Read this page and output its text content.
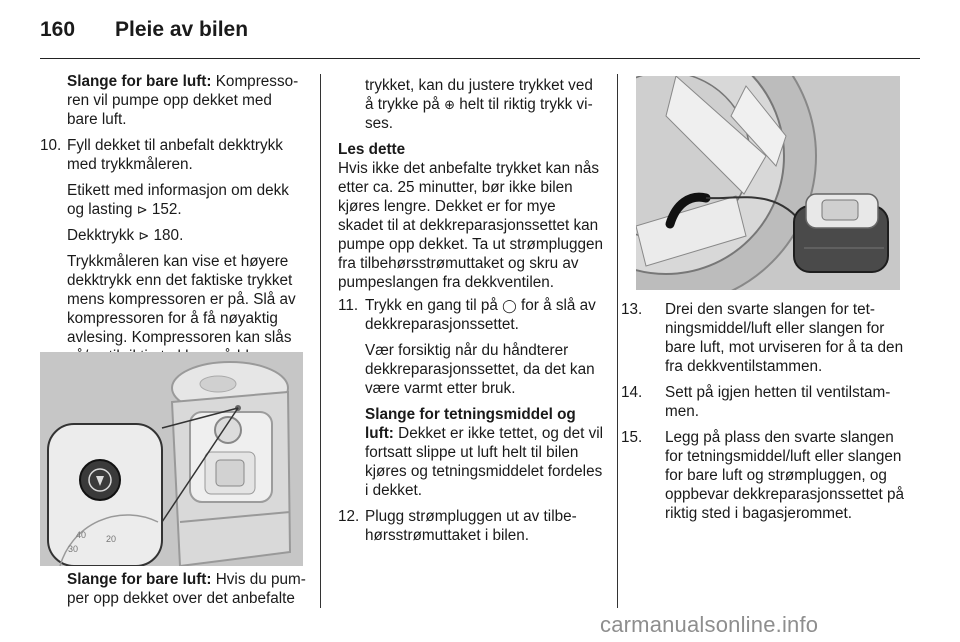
160 Pleie av bilen

Slange for bare luft: Kompressoren vil pumpe opp dekket med bare luft.

10. Fyll dekket til anbefalt dekktrykk med trykkmåleren.

Etikett med informasjon om dekk og lasting ⊳ 152.

Dekktrykk ⊳ 180.

Trykkmåleren kan vise et høyere dekktrykk enn det faktiske trykket mens kompressoren er på. Slå av kompressoren for å få nøyaktig avlesing. Kompressoren kan slås

40
30
20
Slange for bare luft: Hvis du pumper opp dekket over det anbefalte

trykket, kan du justere trykket ved å trykke på ⊕ helt til riktig trykk vises.

Les dette
Hvis ikke det anbefalte trykket kan nås etter ca. 25 minutter, bør ikke bilen kjøres lengre. Dekket er for mye skadet til at dekkreparasjonssettet kan pumpe opp dekket. Ta ut strømpluggen fra tilbehørsstrømuttaket og skru av pumpeslangen fra dekkventilen.

11. Trykk en gang til på ◯ for å slå av dekkreparasjonssettet.

Vær forsiktig når du håndterer dekkreparasjonssettet, da det kan være varmt etter bruk.

Slange for tetningsmiddel og luft: Dekket er ikke tettet, og det vil fortsatt slippe ut luft helt til bilen kjøres og tetningsmiddelet fordeles i dekket.

12. Plugg strømpluggen ut av tilbehørsstrømuttaket i bilen.

13. Drei den svarte slangen for tetningsmiddel/luft eller slangen for bare luft, mot urviseren for å ta den fra dekkventilstammen.

14. Sett på igjen hetten til ventilstammen.

15. Legg på plass den svarte slangen for tetningsmiddel/luft eller slangen for bare luft og strømpluggen, og oppbevar dekkreparasjonssettet på riktig sted i bagasjerommet.

carmanualsonline.info
